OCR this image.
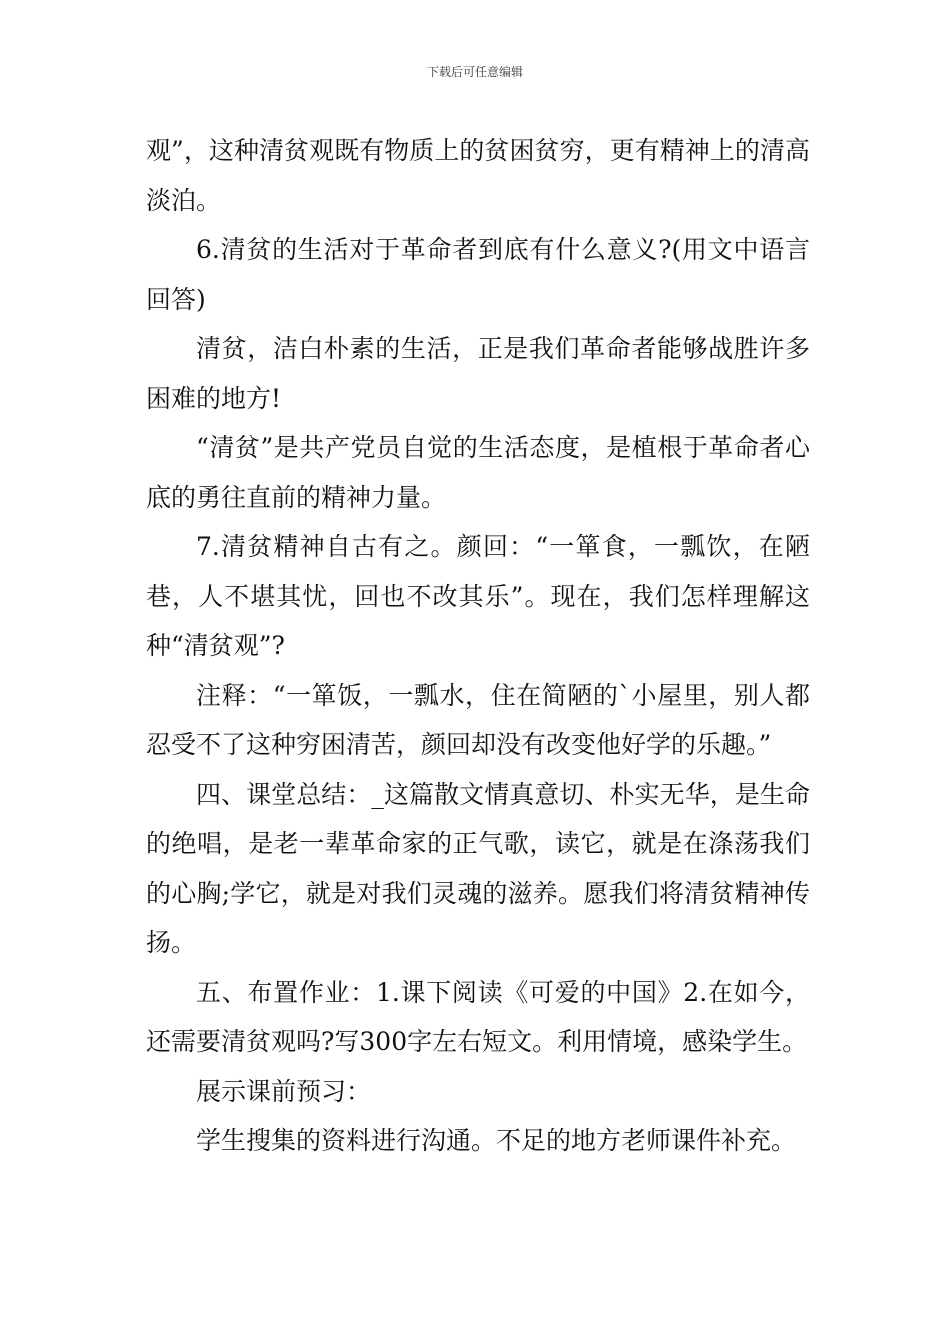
下载后可任意编辑

观”，这种清贫观既有物质上的贫困贫穷，更有精神上的清高淡泊。

6.清贫的生活对于革命者到底有什么意义?(用文中语言回答)

清贫，洁白朴素的生活，正是我们革命者能够战胜许多困难的地方!

“清贫”是共产党员自觉的生活态度，是植根于革命者心底的勇往直前的精神力量。

7.清贫精神自古有之。颜回：“一箪食，一瓢饮，在陋巷，人不堪其忧，回也不改其乐”。现在，我们怎样理解这种“清贫观”?

注释：“一箪饭，一瓢水，住在简陋的`小屋里，别人都忍受不了这种穷困清苦，颜回却没有改变他好学的乐趣。”

四、课堂总结：_这篇散文情真意切、朴实无华，是生命的绝唱，是老一辈革命家的正气歌，读它，就是在涤荡我们的心胸;学它，就是对我们灵魂的滋养。愿我们将清贫精神传扬。

五、布置作业：1.课下阅读《可爱的中国》2.在如今，还需要清贫观吗?写300字左右短文。利用情境，感染学生。

展示课前预习：

学生搜集的资料进行沟通。不足的地方老师课件补充。
